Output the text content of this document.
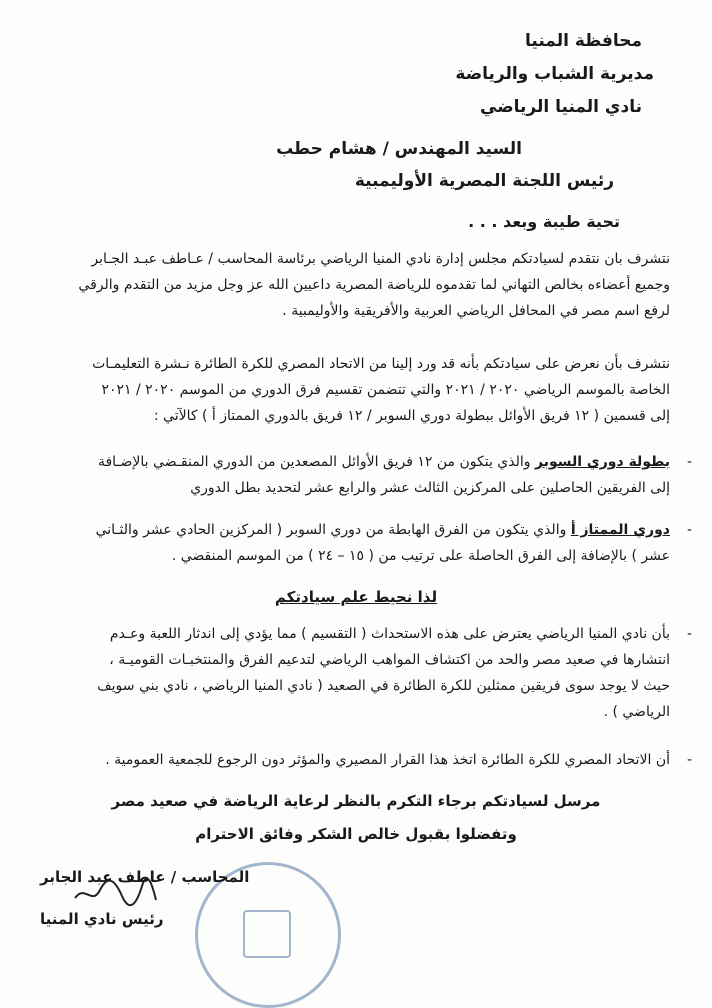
محافظة المنيا
مديرية الشباب والرياضة
نادي المنيا الرياضي
السيد المهندس / هشام حطب
رئيس اللجنة المصرية الأوليمبية
تحية طيبة وبعد . . .
نتشرف بان نتقدم لسيادتكم مجلس إدارة نادي المنيا الرياضي برئاسة المحاسب / عـاطف عبـد الجـابر
وجميع أعضاءه بخالص التهاني لما تقدموه للرياضة المصرية داعيين الله عز وجل مزيد من التقدم والرقي
لرفع اسم مصر في المحافل الرياضي العربية والأفريقية والأوليمبية .
نتشرف بأن نعرض على سيادتكم بأنه قد ورد إلينا من الاتحاد المصري للكرة الطائرة نـشرة التعليمـات
الخاصة بالموسم الرياضي ٢٠٢٠ / ٢٠٢١ والتي تتضمن تقسيم فرق الدوري من الموسم ٢٠٢٠ / ٢٠٢١
إلى قسمين ( ١٢ فريق الأوائل ببطولة دوري السوبر / ١٢ فريق بالدوري الممتاز أ ) كالآتي :
-
بطولة دوري السوبر والذي يتكون من ١٢ فريق الأوائل المصعدين من الدوري المنقـضي بالإضـافة
إلى الفريقين الحاصلين على المركزين الثالث عشر والرابع عشر لتحديد بطل الدوري
-
دوري الممتاز أ والذي يتكون من الفرق الهابطة من دوري السوبر ( المركزين الحادي عشر والثـاني
عشر ) بالإضافة إلى الفرق الحاصلة على ترتيب من ( ١٥ – ٢٤ ) من الموسم المنقضي .
لذا نحيط علم سيادتكم
-
بأن نادي المنيا الرياضي يعترض على هذه الاستحداث ( التقسيم ) مما يؤدي إلى اندثار اللعبة وعـدم
انتشارها في صعيد مصر والحد من اكتشاف المواهب الرياضي لتدعيم الفرق والمنتخبـات القوميـة ،
حيث لا يوجد سوى فريقين ممثلين للكرة الطائرة في الصعيد ( نادي المنيا الرياضي ، نادي بني سويف
الرياضي ) .
-
أن الاتحاد المصري للكرة الطائرة اتخذ هذا القرار المصيري والمؤثر دون الرجوع للجمعية العمومية .
مرسل لسيادتكم برجاء التكرم بالنظر لرعاية الرياضة في صعيد مصر
وتفضلوا بقبول خالص الشكر وفائق الاحترام
المحاسب / عاطف عبد الجابر
رئيس نادي المنيا
